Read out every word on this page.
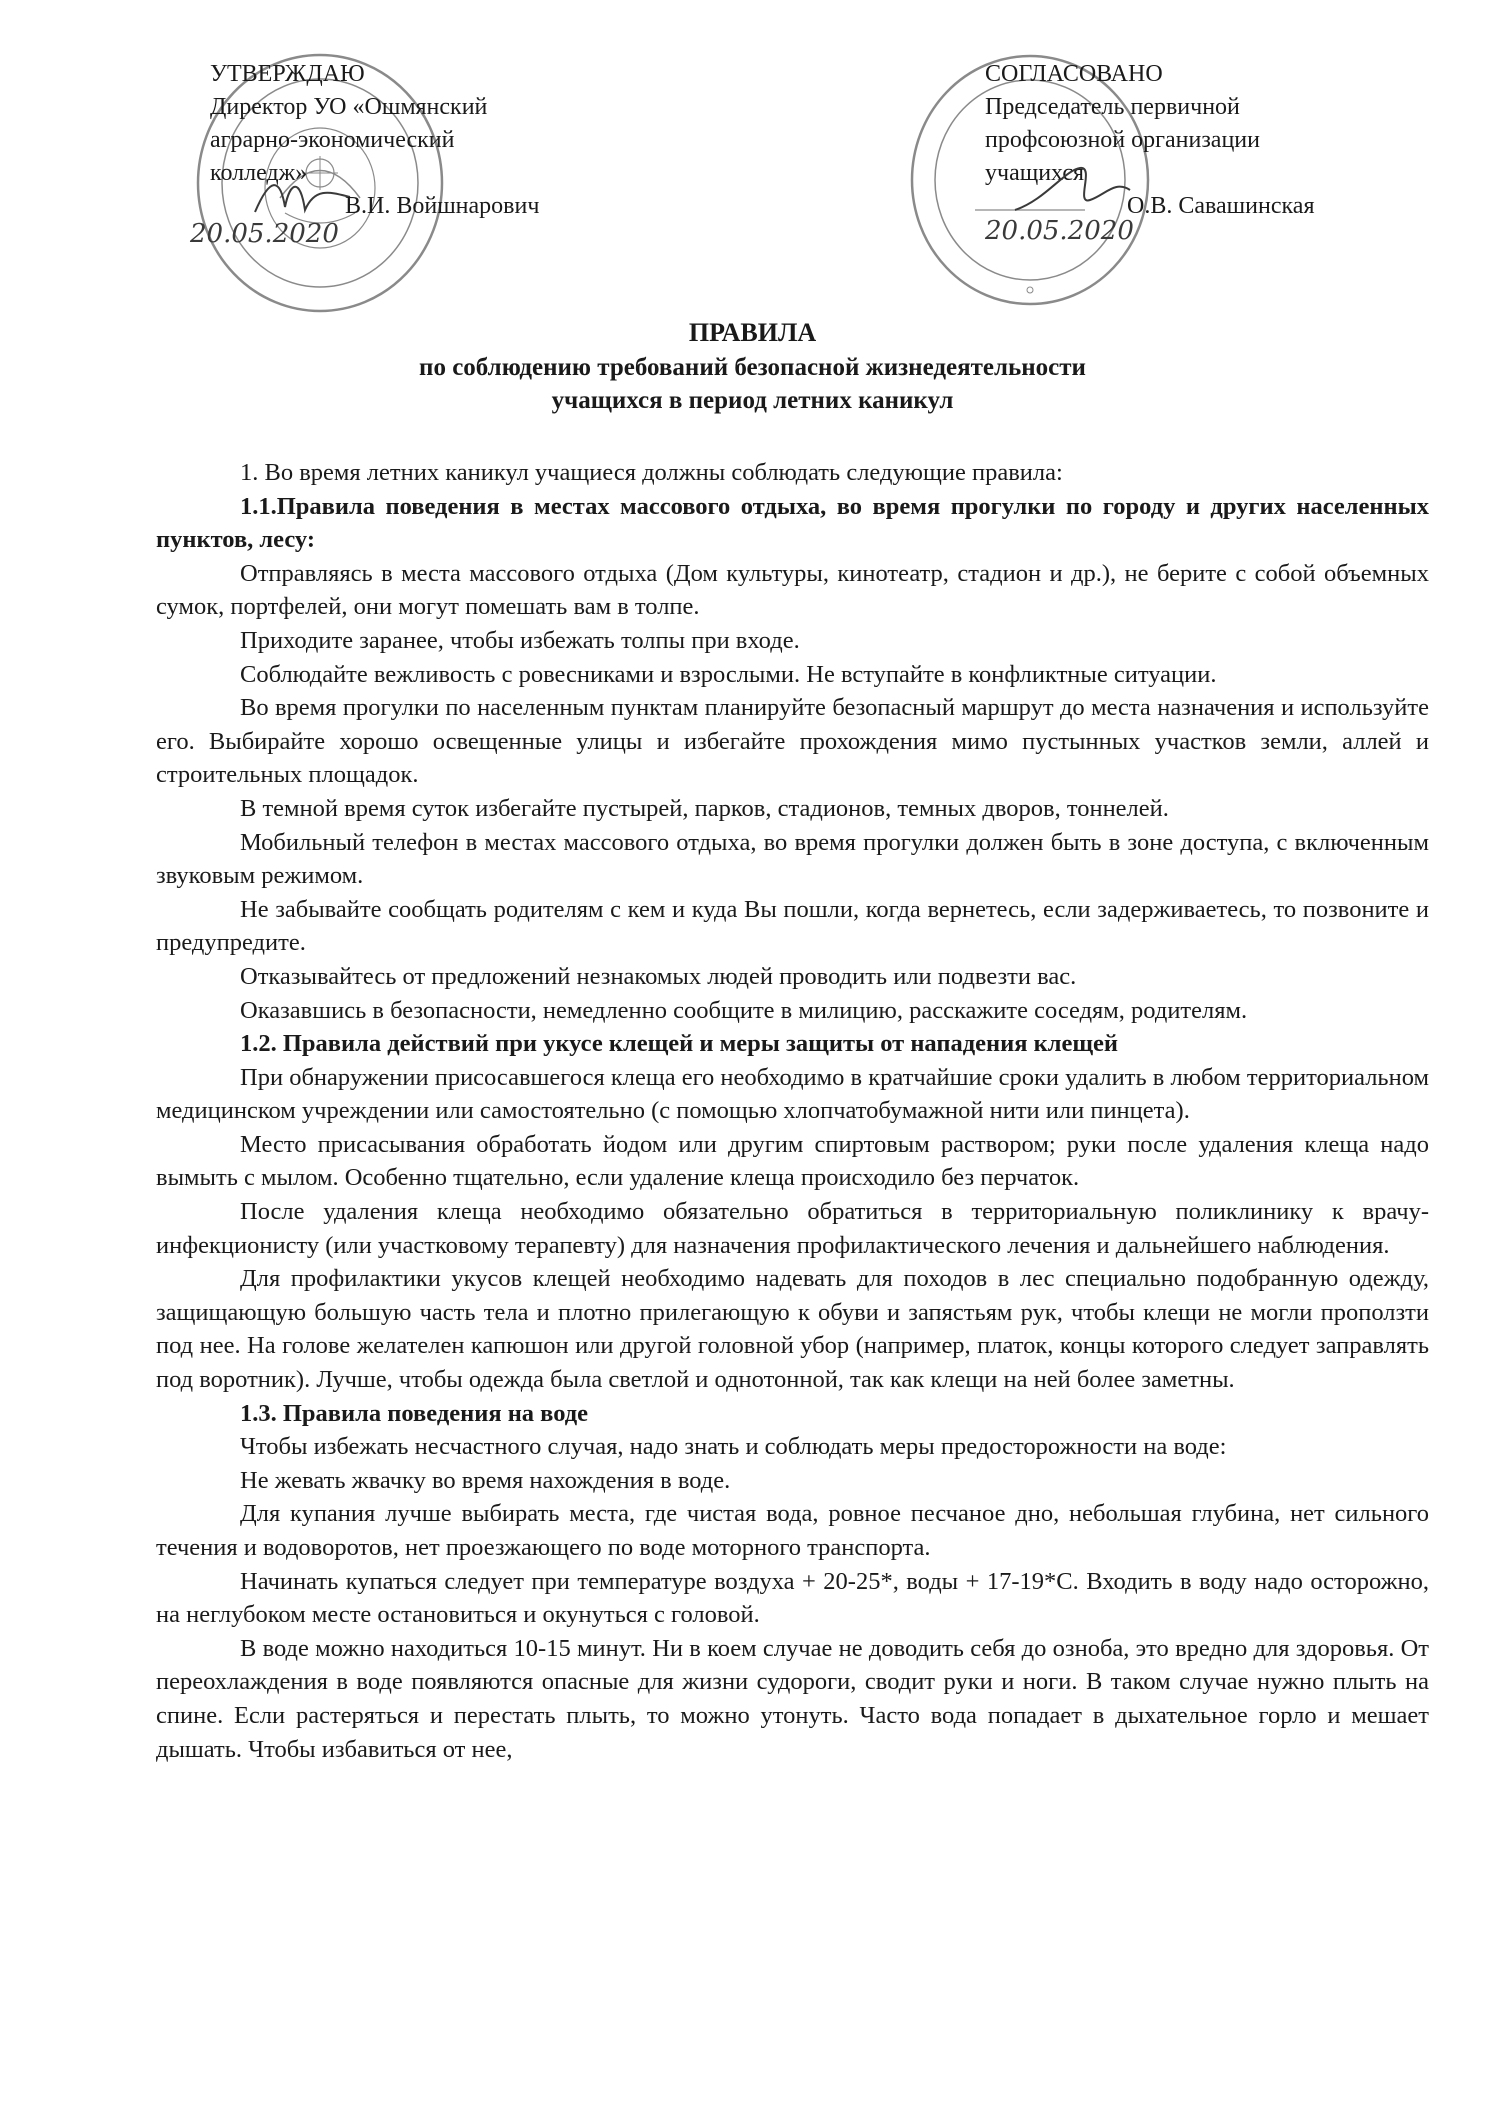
УТВЕРЖДАЮ
Директор УО «Ошмянский
аграрно-экономический
колледж»
В.И. Войшнарович
20.05.2020
СОГЛАСОВАНО
Председатель первичной
профсоюзной организации
учащихся
О.В. Савашинская
20.05.2020
ПРАВИЛА
по соблюдению требований безопасной жизнедеятельности
учащихся в период летних каникул

1. Во время летних каникул учащиеся должны соблюдать следующие правила:

1.1.Правила поведения в местах массового отдыха, во время прогулки по городу и других населенных пунктов, лесу:

Отправляясь в места массового отдыха (Дом культуры, кинотеатр, стадион и др.), не берите с собой объемных сумок, портфелей, они могут помешать вам в толпе.

Приходите заранее, чтобы избежать толпы при входе.

Соблюдайте вежливость с ровесниками и взрослыми. Не вступайте в конфликтные ситуации.

Во время прогулки по населенным пунктам планируйте безопасный маршрут до места назначения и используйте его. Выбирайте хорошо освещенные улицы и избегайте прохождения мимо пустынных участков земли, аллей и строительных площадок.

В темной время суток избегайте пустырей, парков, стадионов, темных дворов, тоннелей.

Мобильный телефон в местах массового отдыха, во время прогулки должен быть в зоне доступа, с включенным звуковым режимом.

Не забывайте сообщать родителям с кем и куда Вы пошли, когда вернетесь, если задерживаетесь, то позвоните и предупредите.

Отказывайтесь от предложений незнакомых людей проводить или подвезти вас.

Оказавшись в безопасности, немедленно сообщите в милицию, расскажите соседям, родителям.

1.2. Правила действий при укусе клещей и меры защиты от нападения клещей

При обнаружении присосавшегося клеща его необходимо в кратчайшие сроки удалить в любом территориальном медицинском учреждении или самостоятельно (с помощью хлопчатобумажной нити или пинцета).

Место присасывания обработать йодом или другим спиртовым раствором; руки после удаления клеща надо вымыть с мылом. Особенно тщательно, если удаление клеща происходило без перчаток.

После удаления клеща необходимо обязательно обратиться в территориальную поликлинику к врачу-инфекционисту (или участковому терапевту) для назначения профилактического лечения и дальнейшего наблюдения.

Для профилактики укусов клещей необходимо надевать для походов в лес специально подобранную одежду, защищающую большую часть тела и плотно прилегающую к обуви и запястьям рук, чтобы клещи не могли проползти под нее. На голове желателен капюшон или другой головной убор (например, платок, концы которого следует заправлять под воротник). Лучше, чтобы одежда была светлой и однотонной, так как клещи на ней более заметны.

1.3. Правила поведения на воде

Чтобы избежать несчастного случая, надо знать и соблюдать меры предосторожности на воде:

Не жевать жвачку во время нахождения в воде.

Для купания лучше выбирать места, где чистая вода, ровное песчаное дно, небольшая глубина, нет сильного течения и водоворотов, нет проезжающего по воде моторного транспорта.

Начинать купаться следует при температуре воздуха + 20-25*, воды + 17-19*С. Входить в воду надо осторожно, на неглубоком месте остановиться и окунуться с головой.

В воде можно находиться 10-15 минут. Ни в коем случае не доводить себя до озноба, это вредно для здоровья. От переохлаждения в воде появляются опасные для жизни судороги, сводит руки и ноги. В таком случае нужно плыть на спине. Если растеряться и перестать плыть, то можно утонуть. Часто вода попадает в дыхательное горло и мешает дышать. Чтобы избавиться от нее,
